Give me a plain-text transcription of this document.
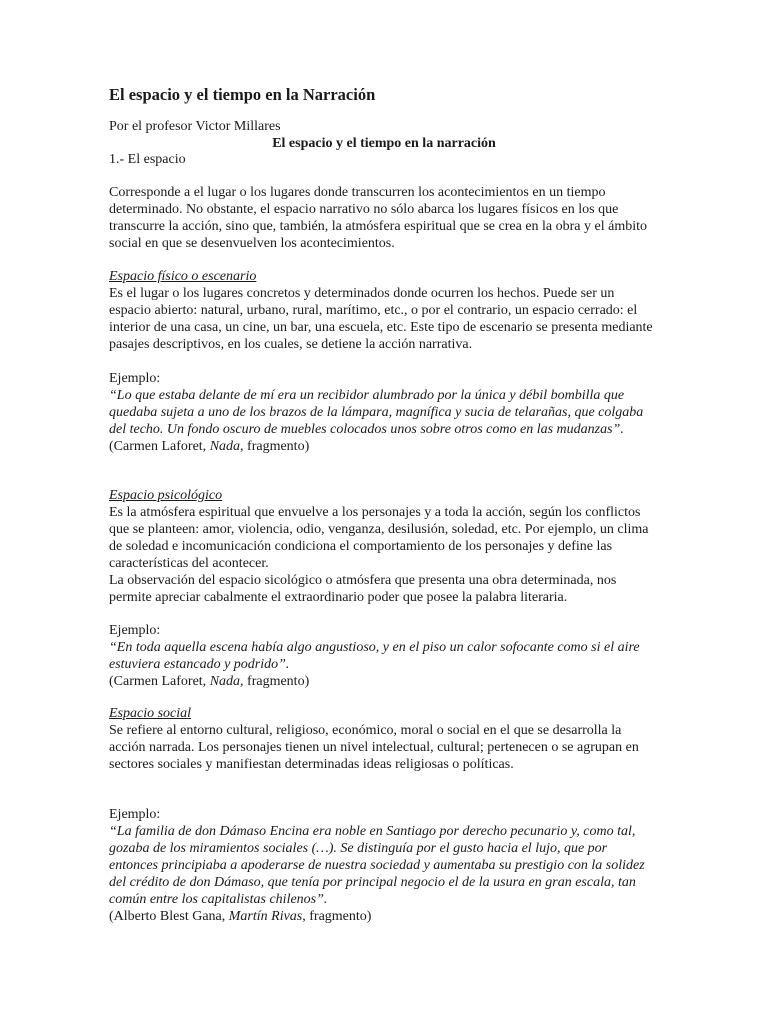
El espacio y el tiempo en la Narración
Por el profesor Victor Millares
El espacio y el tiempo en la narración
1.- El espacio

Corresponde a el lugar o los lugares donde transcurren los acontecimientos en un tiempo determinado. No obstante, el espacio narrativo no sólo abarca los lugares físicos en los que transcurre la acción, sino que, también, la atmósfera espiritual que se crea en la obra y el ámbito social en que se desenvuelven los acontecimientos.

Espacio físico o escenario

Es el lugar o los lugares concretos y determinados donde ocurren los hechos. Puede ser un espacio abierto: natural, urbano, rural, marítimo, etc., o por el contrario, un espacio cerrado: el interior de una casa, un cine, un bar, una escuela, etc. Este tipo de escenario se presenta mediante pasajes descriptivos, en los cuales, se detiene la acción narrativa.

Ejemplo:

“Lo que estaba delante de mí era un recibidor alumbrado por la única y débil bombilla que quedaba sujeta a uno de los brazos de la lámpara, magnífica y sucia de telarañas, que colgaba del techo. Un fondo oscuro de muebles colocados unos sobre otros como en las mudanzas”.

(Carmen Laforet, Nada, fragmento)

Espacio psicológico

Es la atmósfera espiritual que envuelve a los personajes y a toda la acción, según los conflictos que se planteen: amor, violencia, odio, venganza, desilusión, soledad, etc. Por ejemplo, un clima de soledad e incomunicación condiciona el comportamiento de los personajes y define las características del acontecer.

La observación del espacio sicológico o atmósfera que presenta una obra determinada, nos permite apreciar cabalmente el extraordinario poder que posee la palabra literaria.

Ejemplo:

“En toda aquella escena había algo angustioso, y en el piso un calor sofocante como si el aire estuviera estancado y podrido”.

(Carmen Laforet, Nada, fragmento)

Espacio social

Se refiere al entorno cultural, religioso, económico, moral o social en el que se desarrolla la acción narrada. Los personajes tienen un nivel intelectual, cultural; pertenecen o se agrupan en sectores sociales y manifiestan determinadas ideas religiosas o políticas.

Ejemplo:

“La familia de don Dámaso Encina era noble en Santiago por derecho pecunario y, como tal, gozaba de los miramientos sociales (…). Se distinguía por el gusto hacia el lujo, que por entonces principiaba a apoderarse de nuestra sociedad y aumentaba su prestigio con la solidez del crédito de don Dámaso, que tenía por principal negocio el de la usura en gran escala, tan común entre los capitalistas chilenos”.

(Alberto Blest Gana, Martín Rivas, fragmento)
